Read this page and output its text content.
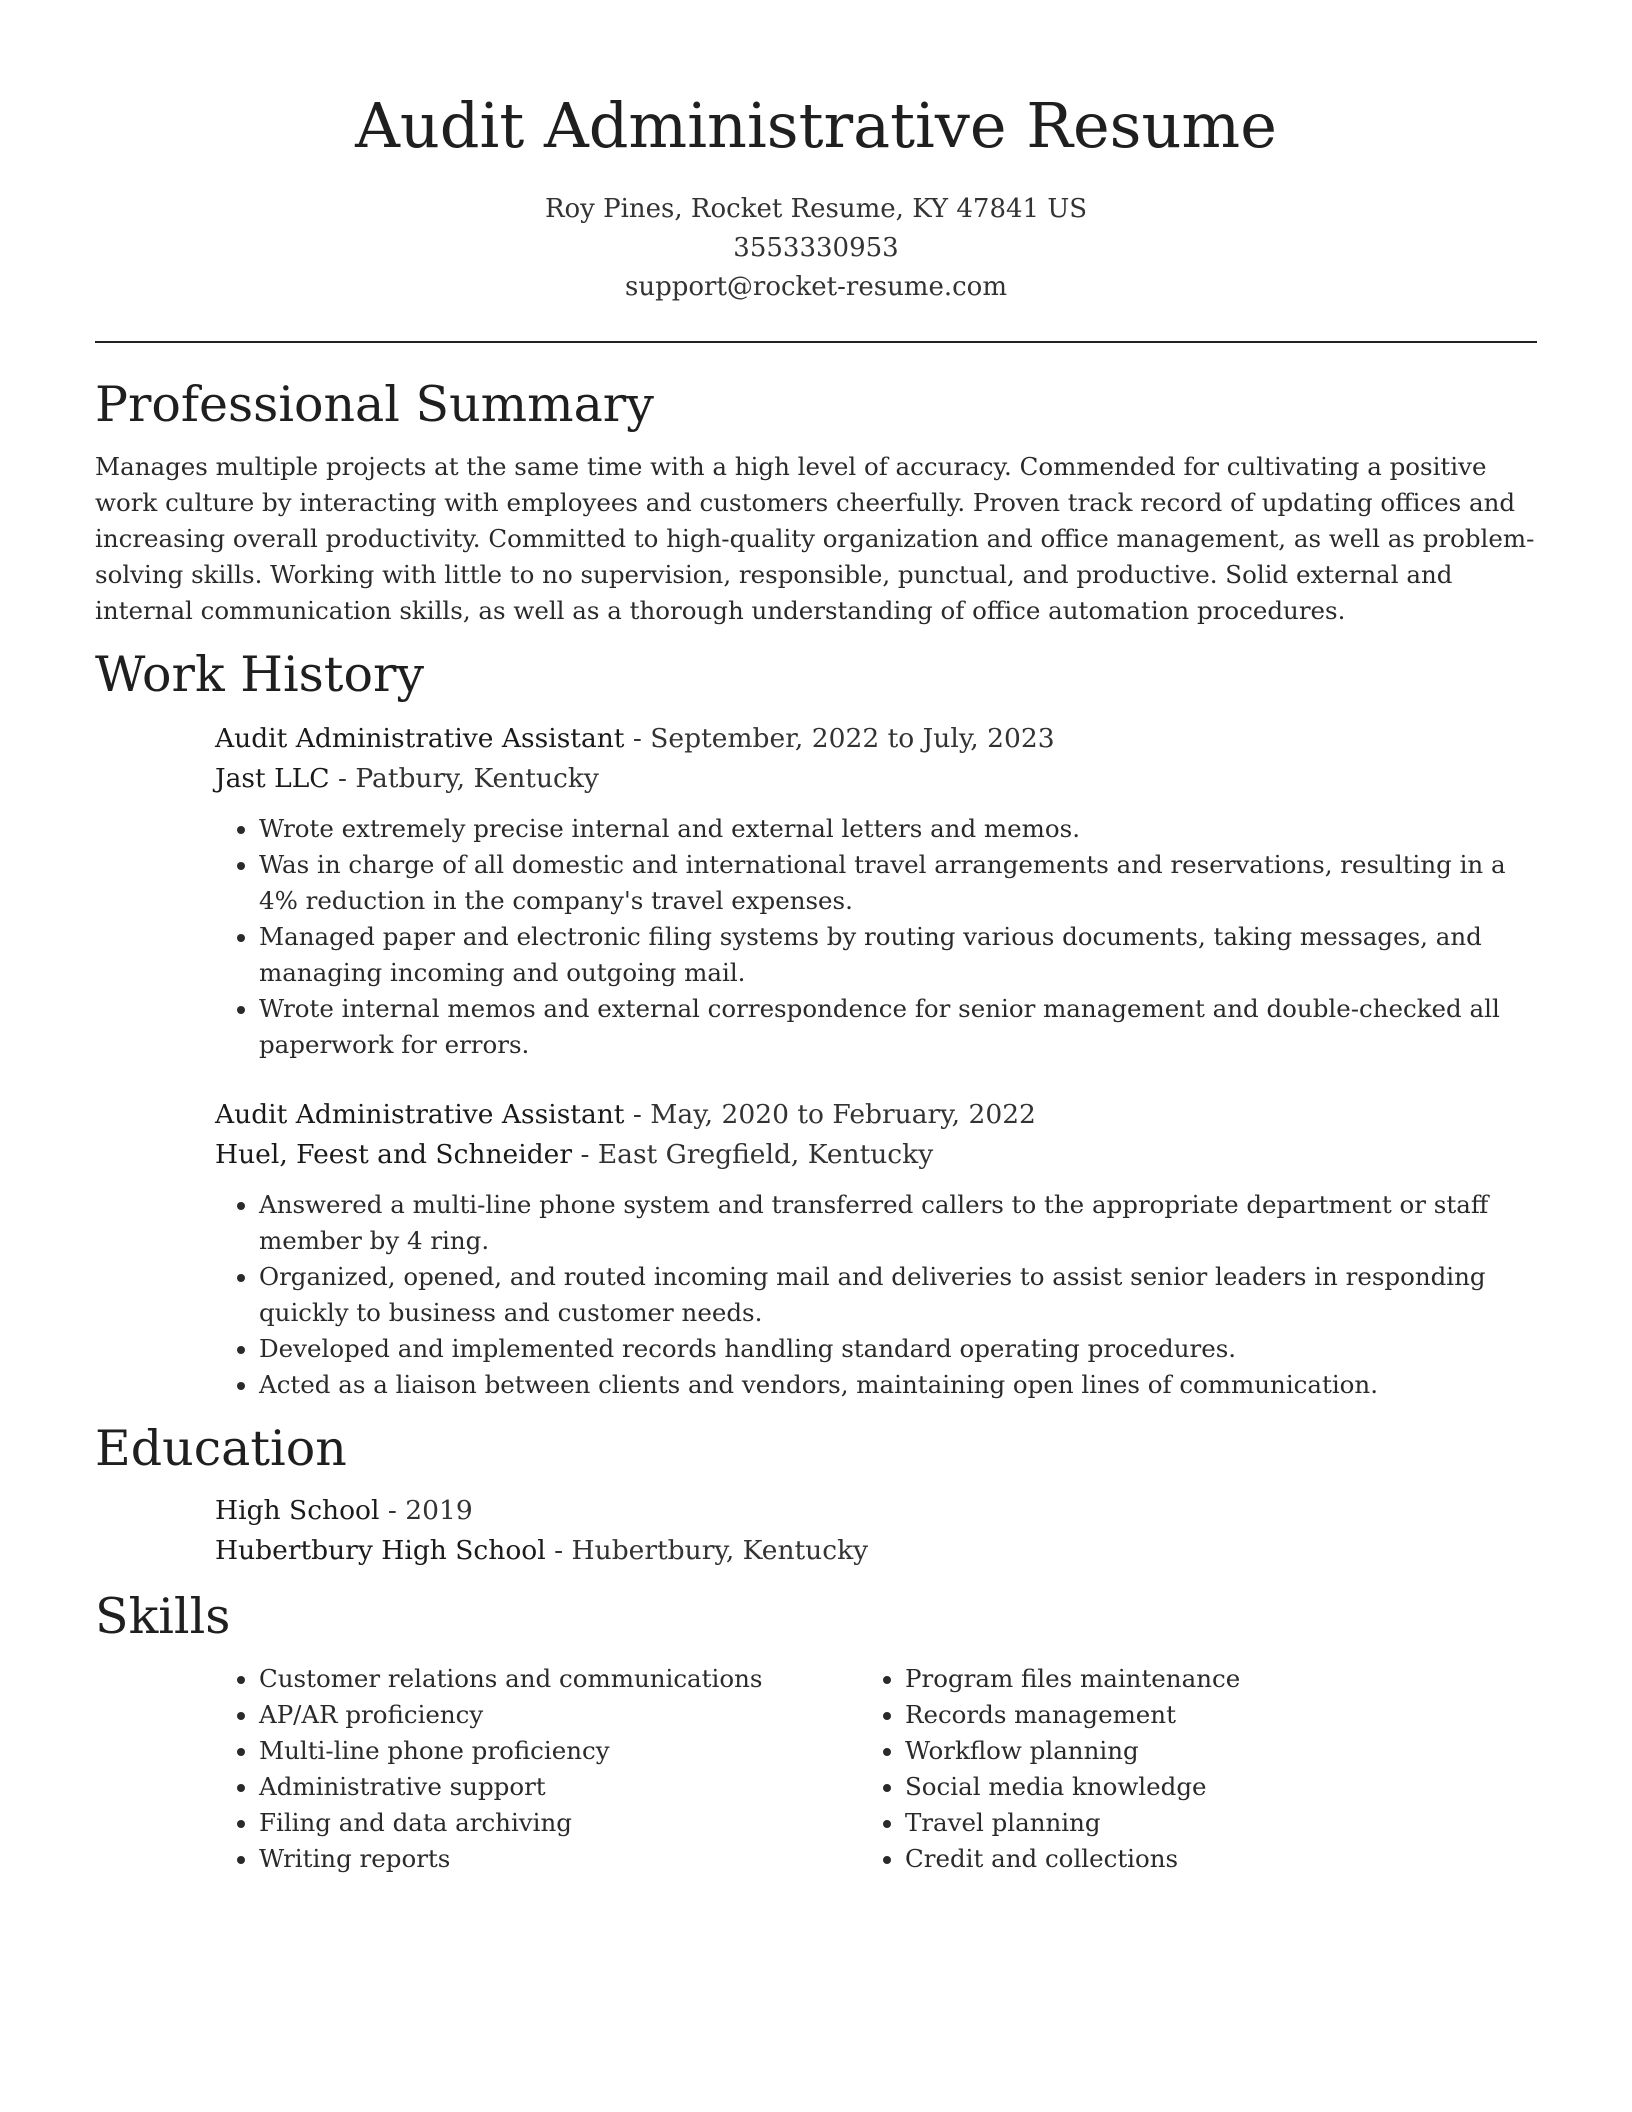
Audit Administrative Resume
Roy Pines, Rocket Resume, KY 47841 US
3553330953
support@rocket-resume.com
Professional Summary

Manages multiple projects at the same time with a high level of accuracy. Commended for cultivating a positive work culture by interacting with employees and customers cheerfully. Proven track record of updating offices and increasing overall productivity. Committed to high-quality organization and office management, as well as problem-solving skills. Working with little to no supervision, responsible, punctual, and productive. Solid external and internal communication skills, as well as a thorough understanding of office automation procedures.

Work History
Audit Administrative Assistant - September, 2022 to July, 2023
Jast LLC - Patbury, Kentucky
• Wrote extremely precise internal and external letters and memos.
• Was in charge of all domestic and international travel arrangements and reservations, resulting in a 4% reduction in the company's travel expenses.
• Managed paper and electronic filing systems by routing various documents, taking messages, and managing incoming and outgoing mail.
• Wrote internal memos and external correspondence for senior management and double-checked all paperwork for errors.
Audit Administrative Assistant - May, 2020 to February, 2022
Huel, Feest and Schneider - East Gregfield, Kentucky
• Answered a multi-line phone system and transferred callers to the appropriate department or staff member by 4 ring.
• Organized, opened, and routed incoming mail and deliveries to assist senior leaders in responding quickly to business and customer needs.
• Developed and implemented records handling standard operating procedures.
• Acted as a liaison between clients and vendors, maintaining open lines of communication.
Education
High School - 2019
Hubertbury High School - Hubertbury, Kentucky
Skills
• Customer relations and communications
• AP/AR proficiency
• Multi-line phone proficiency
• Administrative support
• Filing and data archiving
• Writing reports
• Program files maintenance
• Records management
• Workflow planning
• Social media knowledge
• Travel planning
• Credit and collections
